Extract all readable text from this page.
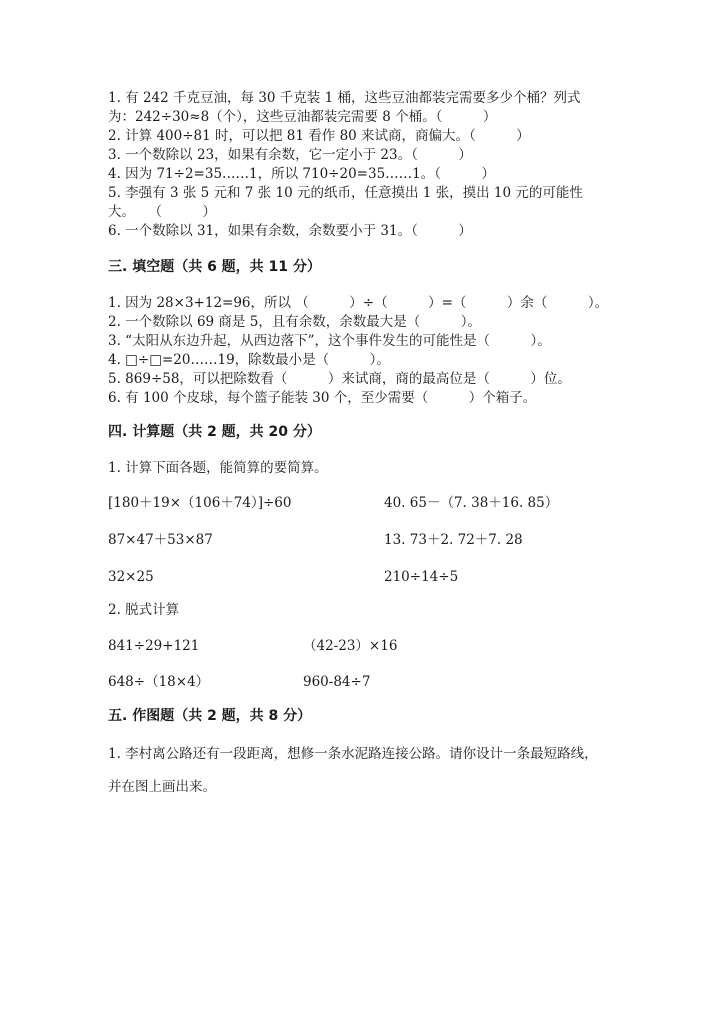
1. 有 242 千克豆油，每 30 千克装 1 桶，这些豆油都装完需要多少个桶？列式
为：242÷30≈8（个），这些豆油都装完需要 8 个桶。（　　　）
2. 计算 400÷81 时，可以把 81 看作 80 来试商，商偏大。（　　　）
3. 一个数除以 23，如果有余数，它一定小于 23。（　　　）
4. 因为 71÷2=35……1，所以 710÷20=35……1。（　　　）
5. 李强有 3 张 5 元和 7 张 10 元的纸币，任意摸出 1 张，摸出 10 元的可能性
大。　　（　　　）
6. 一个数除以 31，如果有余数，余数要小于 31。（　　　）
三. 填空题（共 6 题，共 11 分）
1. 因为 28×3+12=96，所以 （　　　）÷（　　　）=（　　　）余（　　　）。
2. 一个数除以 69 商是 5，且有余数，余数最大是（　　　）。
3. “太阳从东边升起，从西边落下”，这个事件发生的可能性是（　　　）。
4. □÷□=20……19，除数最小是（　　　）。
5. 869÷58，可以把除数看（　　　）来试商，商的最高位是（　　　）位。
6. 有 100 个皮球，每个篮子能装 30 个，至少需要（　　　）个箱子。
四. 计算题（共 2 题，共 20 分）
1. 计算下面各题，能简算的要简算。
[180＋19×（106＋74）]÷60	40. 65－（7. 38＋16. 85）
87×47＋53×87	13. 73＋2. 72＋7. 28
32×25	210÷14÷5
2. 脱式计算
841÷29+121	（42-23）×16
648÷（18×4）	960-84÷7
五. 作图题（共 2 题，共 8 分）
1. 李村离公路还有一段距离，想修一条水泥路连接公路。请你设计一条最短路线，
并在图上画出来。
